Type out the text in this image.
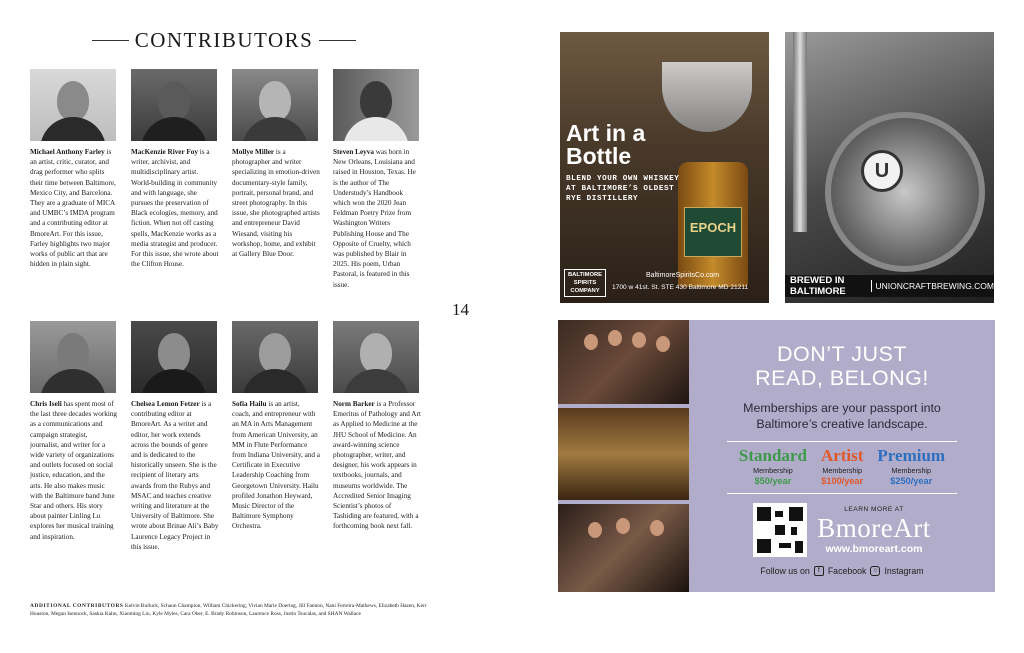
CONTRIBUTORS

Michael Anthony Farley is an artist, critic, curator, and drag performer who splits their time between Baltimore, Mexico City, and Barcelona. They are a graduate of MICA and UMBC’s IMDA program and a contributing editor at BmoreArt. For this issue, Farley highlights two major works of public art that are hidden in plain sight.

MacKenzie River Foy is a writer, archivist, and multidisciplinary artist. World-building in community and with language, she pursues the preservation of Black ecologies, memory, and fiction. When not off casting spells, MacKenzie works as a media strategist and producer. For this issue, she wrote about the Clifton House.

Mollye Miller is a photographer and writer specializing in emotion-driven documentary-style family, portrait, personal brand, and street photography. In this issue, she photographed artists and entrepreneur David Wiesand, visiting his workshop, home, and exhibit at Gallery Blue Door.

Steven Leyva was born in New Orleans, Louisiana and raised in Houston, Texas. He is the author of The Understudy’s Handbook which won the 2020 Jean Feldman Poetry Prize from Washington Writers Publishing House and The Opposite of Cruelty, which was published by Blair in 2025. His poem, Urban Pastoral, is featured in this issue.

Chris Iseli has spent most of the last three decades working as a communications and campaign strategist, journalist, and writer for a wide variety of organizations and outlets focused on social justice, education, and the arts. He also makes music with the Baltimore band June Star and others. His story about painter Linling Lu explores her musical training and inspiration.

Chelsea Lemon Fetzer is a contributing editor at BmoreArt. As a writer and editor, her work extends across the bounds of genre and is dedicated to the historically unseen. She is the recipient of literary arts awards from the Rubys and MSAC and teaches creative writing and literature at the University of Baltimore. She wrote about Brinae Ali’s Baby Laurence Legacy Project in this issue.

Sofia Hailu is an artist, coach, and entrepreneur with an MA in Arts Management from American University, an MM in Flute Performance from Indiana University, and a Certificate in Executive Leadership Coaching from Georgetown University. Hailu profiled Jonathon Heyward, Music Director of the Baltimore Symphony Orchestra.

Norm Barker is a Professor Emeritus of Pathology and Art as Applied to Medicine at the JHU School of Medicine. An award-winning science photographer, writer, and designer, his work appears in textbooks, journals, and museums worldwide. The Accredited Senior Imaging Scientist’s photos of Tashiding are featured, with a forthcoming book next fall.

14

ADDITIONAL CONTRIBUTORS Kelvin Bulluck, Schaun Champion, William Chickering, Vivian Marie Doering, Jill Fannon, Nani Ferreira-Mathews, Elizabeth Hazen, Kerr Houston, Megan Isennock, Saskia Kahn, Xiaoming Liu, Kyle Myles, Cara Ober, E. Brady Robinson, Laurence Ross, Justin Tsucalas, and SHAN Wallace

EPOCH
Art in a Bottle
BLEND YOUR OWN WHISKEY AT BALTIMORE’S OLDEST RYE DISTILLERY
BALTIMORE SPIRITS COMPANY
BaltimoreSpiritsCo.com
1700 w 41st. St. STE 430 Baltimore MD 21211
U
BREWED IN BALTIMORE	UNIONCRAFTBREWING.COM
DON’T JUST
READ, BELONG!
Memberships are your passport into
Baltimore’s creative landscape.
Standard
Membership
$50/year
Artist
Membership
$100/year
Premium
Membership
$250/year
LEARN MORE AT
BmoreArt
www.bmoreart.com
Follow us on	f Facebook ○ Instagram
